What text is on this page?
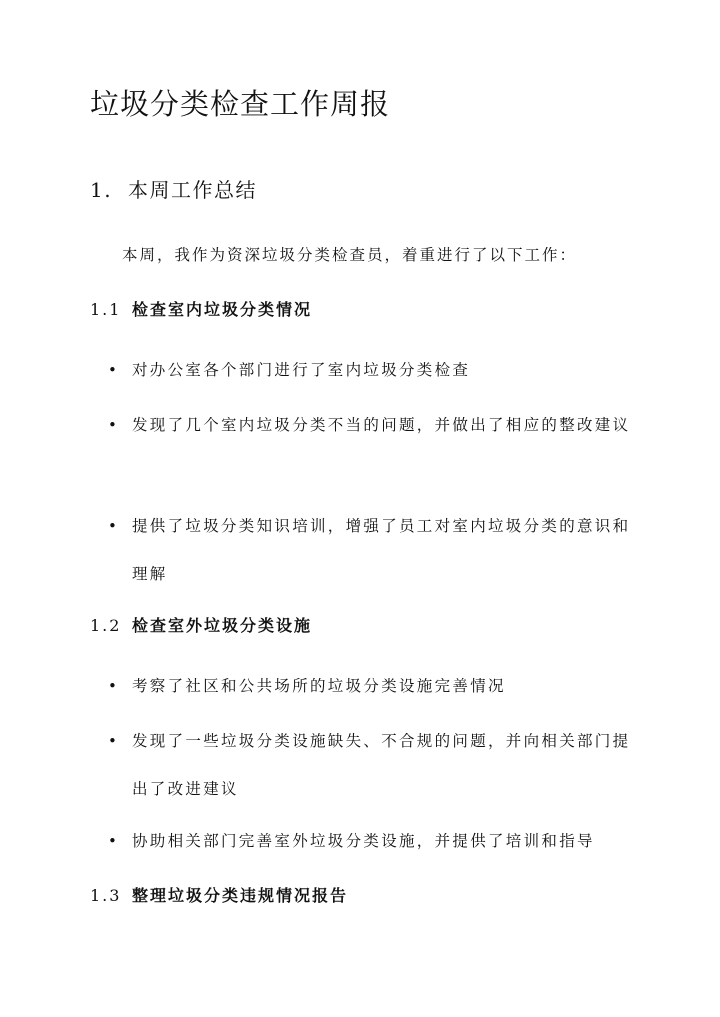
垃圾分类检查工作周报
1. 本周工作总结
本周，我作为资深垃圾分类检查员，着重进行了以下工作：
1.1 检查室内垃圾分类情况
• 对办公室各个部门进行了室内垃圾分类检查
• 发现了几个室内垃圾分类不当的问题，并做出了相应的整改建议
• 提供了垃圾分类知识培训，增强了员工对室内垃圾分类的意识和理解
1.2 检查室外垃圾分类设施
• 考察了社区和公共场所的垃圾分类设施完善情况
• 发现了一些垃圾分类设施缺失、不合规的问题，并向相关部门提出了改进建议
• 协助相关部门完善室外垃圾分类设施，并提供了培训和指导
1.3 整理垃圾分类违规情况报告
